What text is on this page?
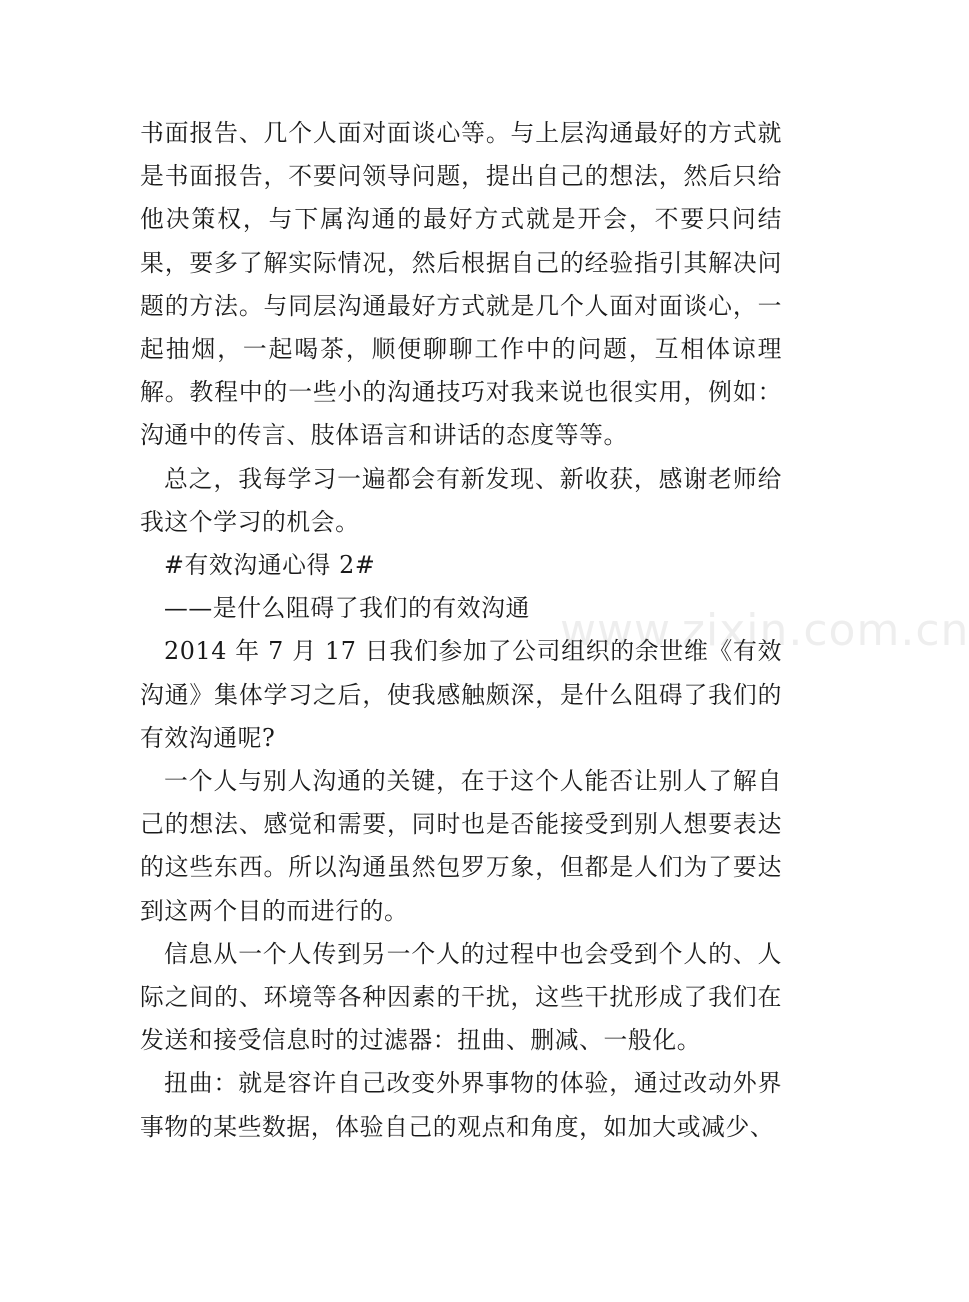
书面报告、几个人面对面谈心等。与上层沟通最好的方式就是书面报告，不要问领导问题，提出自己的想法，然后只给他决策权，与下属沟通的最好方式就是开会，不要只问结果，要多了解实际情况，然后根据自己的经验指引其解决问题的方法。与同层沟通最好方式就是几个人面对面谈心，一起抽烟，一起喝茶，顺便聊聊工作中的问题，互相体谅理解。教程中的一些小的沟通技巧对我来说也很实用，例如：沟通中的传言、肢体语言和讲话的态度等等。

总之，我每学习一遍都会有新发现、新收获，感谢老师给我这个学习的机会。

#有效沟通心得 2#

——是什么阻碍了我们的有效沟通

2014 年 7 月 17 日我们参加了公司组织的余世维《有效沟通》集体学习之后，使我感触颇深，是什么阻碍了我们的有效沟通呢?

一个人与别人沟通的关键，在于这个人能否让别人了解自己的想法、感觉和需要，同时也是否能接受到别人想要表达的这些东西。所以沟通虽然包罗万象，但都是人们为了要达到这两个目的而进行的。

信息从一个人传到另一个人的过程中也会受到个人的、人际之间的、环境等各种因素的干扰，这些干扰形成了我们在发送和接受信息时的过滤器：扭曲、删减、一般化。

扭曲：就是容许自己改变外界事物的体验，通过改动外界事物的某些数据，体验自己的观点和角度，如加大或减少、

www.zixin.com.cn
